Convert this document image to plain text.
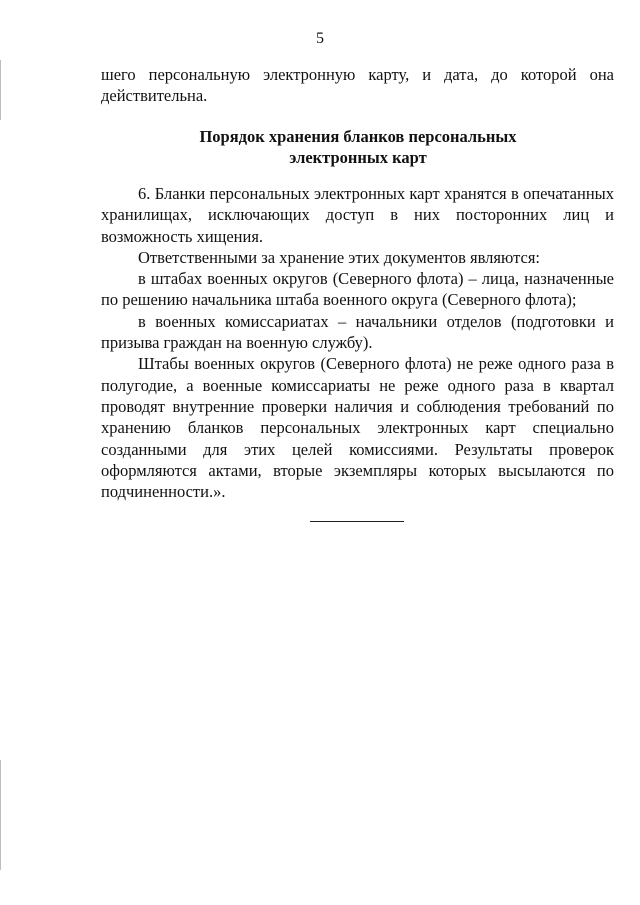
5

шего персональную электронную карту, и дата, до которой она действительна.

Порядок хранения бланков персональных
электронных карт

6. Бланки персональных электронных карт хранятся в опечатанных хранилищах, исключающих доступ в них посторонних лиц и возможность хищения.

Ответственными за хранение этих документов являются:

в штабах военных округов (Северного флота) – лица, назначенные по решению начальника штаба военного округа (Северного флота);

в военных комиссариатах – начальники отделов (подготовки и призыва граждан на военную службу).

Штабы военных округов (Северного флота) не реже одного раза в полугодие, а военные комиссариаты не реже одного раза в квартал проводят внутренние проверки наличия и соблюдения требований по хранению бланков персональных электронных карт специально созданными для этих целей комиссиями. Результаты проверок оформляются актами, вторые экземпляры которых высылаются по подчиненности.».
